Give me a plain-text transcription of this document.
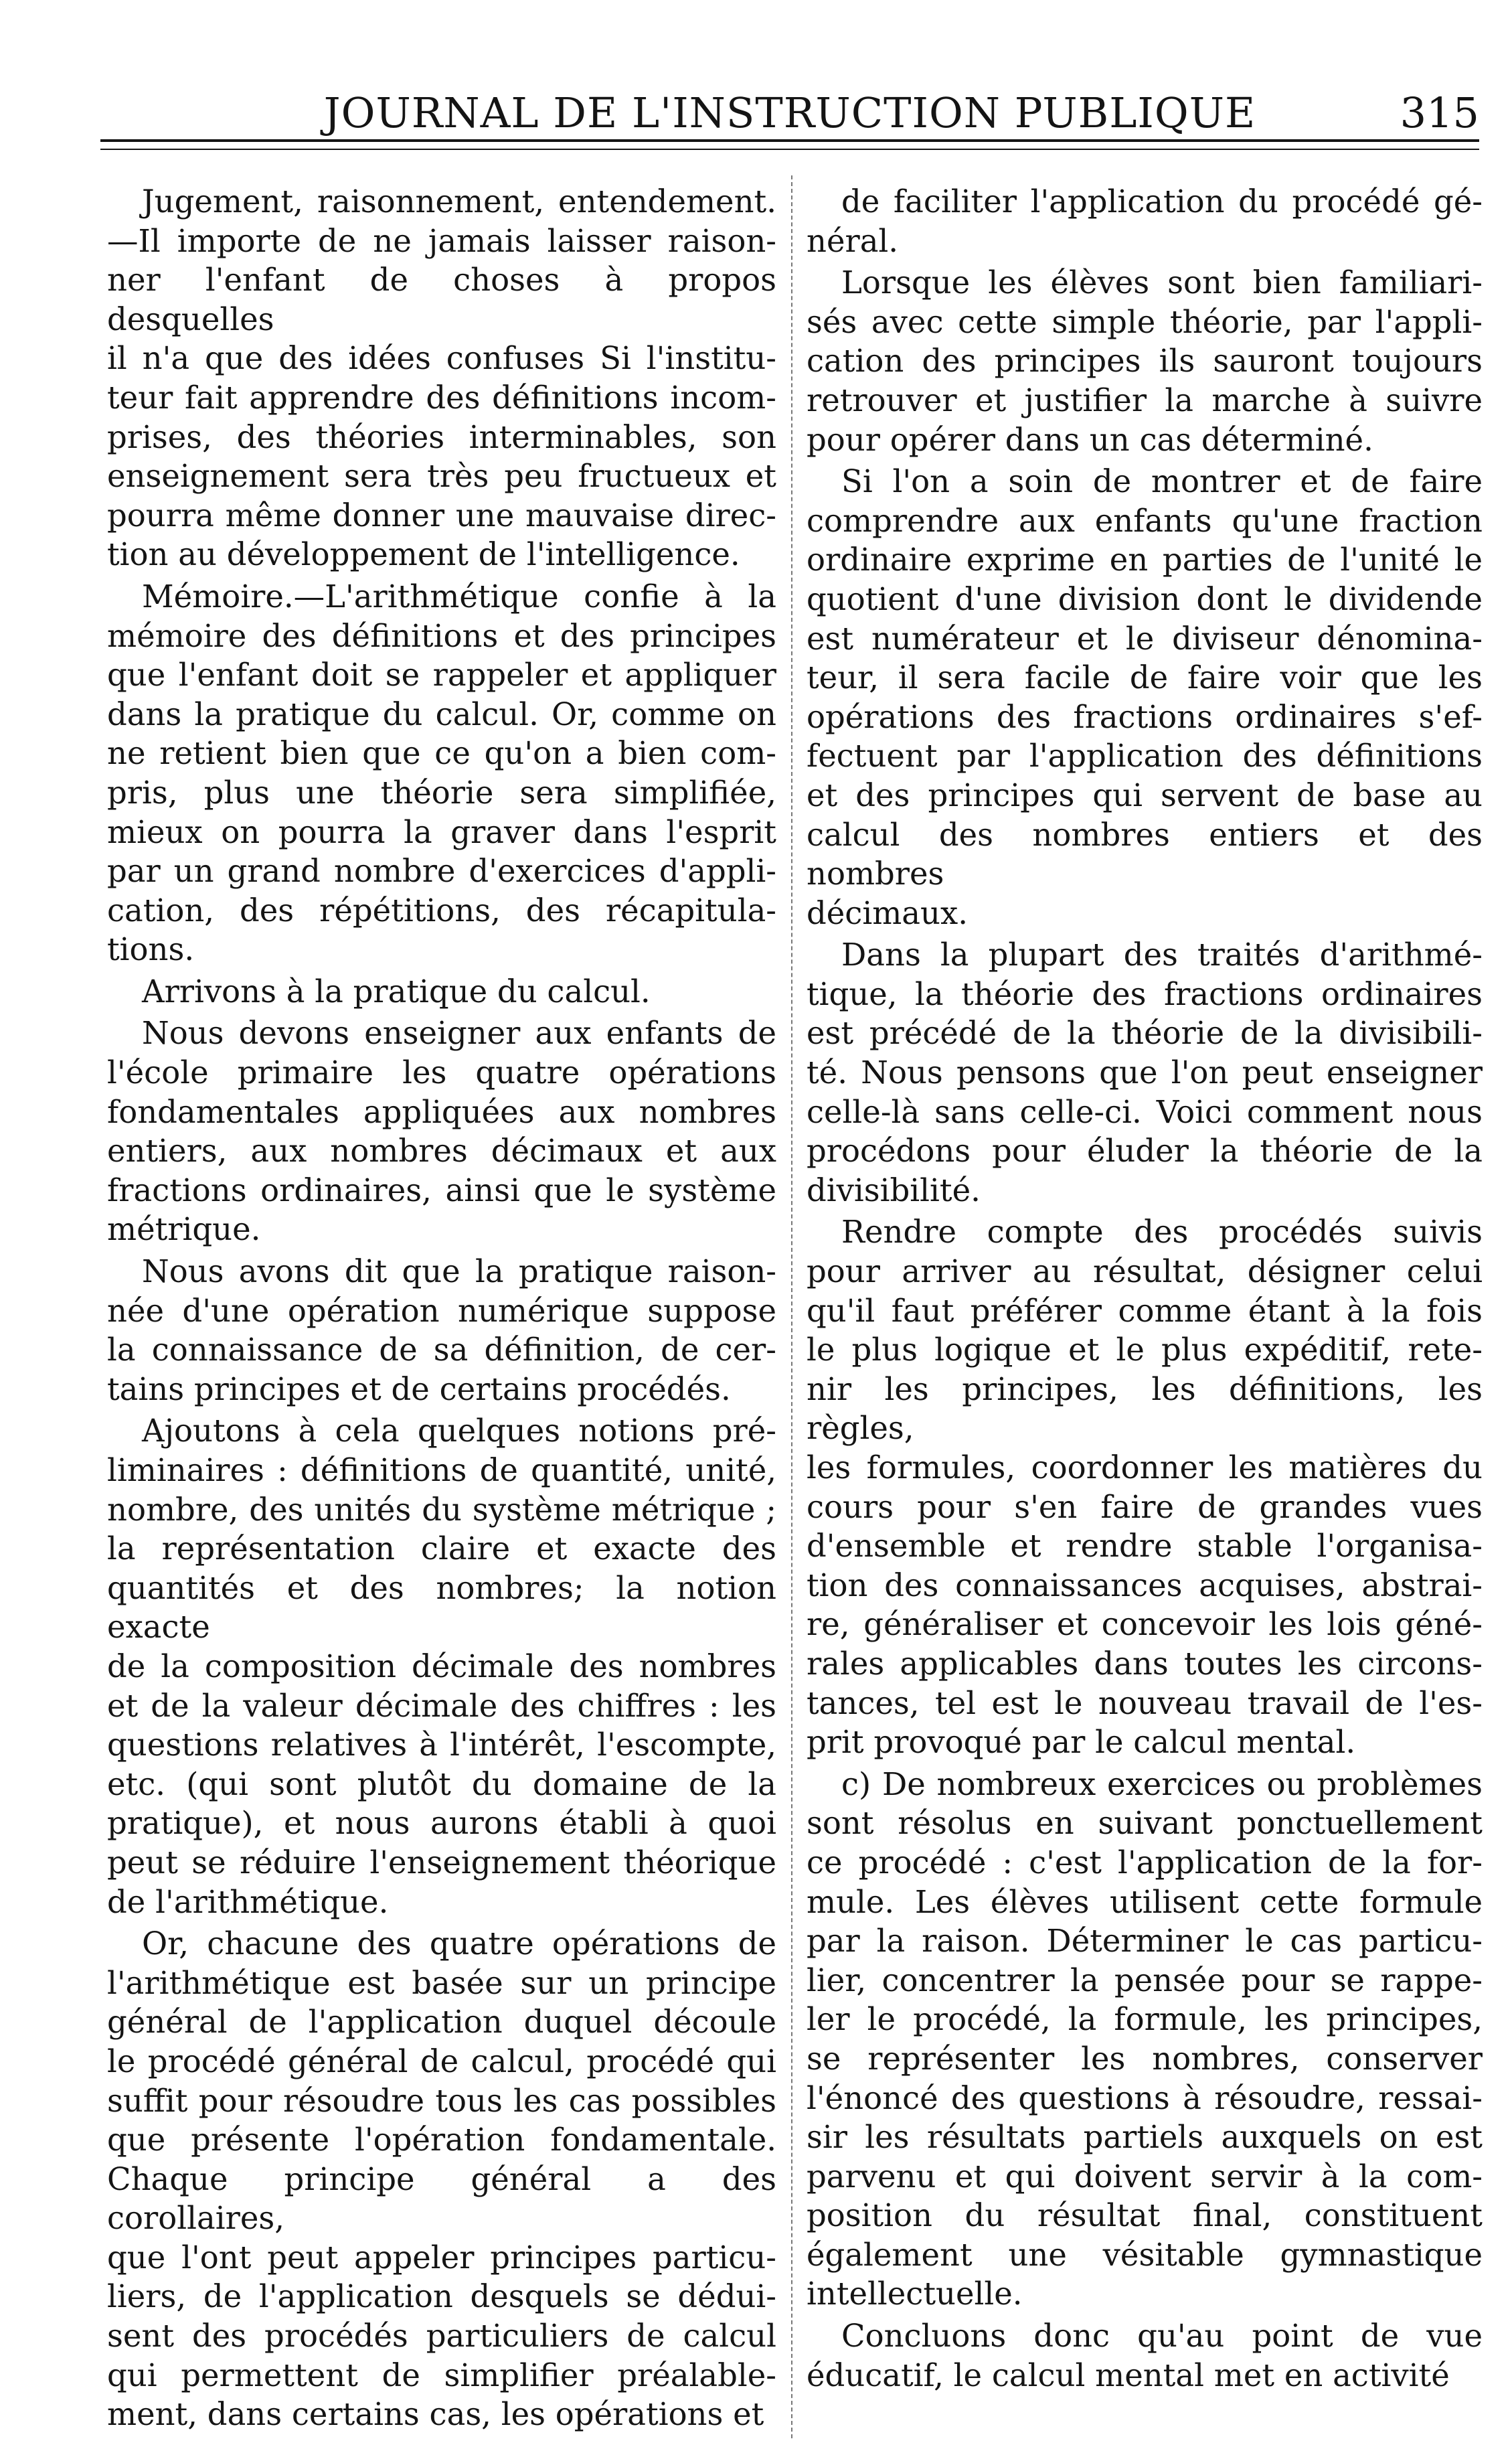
JOURNAL DE L'INSTRUCTION PUBLIQUE	315

Jugement, raisonnement, entendement.
—Il importe de ne jamais laisser raison-
ner l'enfant de choses à propos desquelles
il n'a que des idées confuses Si l'institu-
teur fait apprendre des définitions incom-
prises, des théories interminables, son
enseignement sera très peu fructueux et
pourra même donner une mauvaise direc-
tion au développement de l'intelligence.

Mémoire.—L'arithmétique confie à la
mémoire des définitions et des principes
que l'enfant doit se rappeler et appliquer
dans la pratique du calcul. Or, comme on
ne retient bien que ce qu'on a bien com-
pris, plus une théorie sera simplifiée,
mieux on pourra la graver dans l'esprit
par un grand nombre d'exercices d'appli-
cation, des répétitions, des récapitula-
tions.

Arrivons à la pratique du calcul.

Nous devons enseigner aux enfants de
l'école primaire les quatre opérations
fondamentales appliquées aux nombres
entiers, aux nombres décimaux et aux
fractions ordinaires, ainsi que le système
métrique.

Nous avons dit que la pratique raison-
née d'une opération numérique suppose
la connaissance de sa définition, de cer-
tains principes et de certains procédés.

Ajoutons à cela quelques notions pré-
liminaires : définitions de quantité, unité,
nombre, des unités du système métrique ;
la représentation claire et exacte des
quantités et des nombres; la notion exacte
de la composition décimale des nombres
et de la valeur décimale des chiffres : les
questions relatives à l'intérêt, l'escompte,
etc. (qui sont plutôt du domaine de la
pratique), et nous aurons établi à quoi
peut se réduire l'enseignement théorique
de l'arithmétique.

Or, chacune des quatre opérations de
l'arithmétique est basée sur un principe
général de l'application duquel découle
le procédé général de calcul, procédé qui
suffit pour résoudre tous les cas possibles
que présente l'opération fondamentale.
Chaque principe général a des corollaires,
que l'ont peut appeler principes particu-
liers, de l'application desquels se dédui-
sent des procédés particuliers de calcul
qui permettent de simplifier préalable-
ment, dans certains cas, les opérations et

de faciliter l'application du procédé gé-
néral.

Lorsque les élèves sont bien familiari-
sés avec cette simple théorie, par l'appli-
cation des principes ils sauront toujours
retrouver et justifier la marche à suivre
pour opérer dans un cas déterminé.

Si l'on a soin de montrer et de faire
comprendre aux enfants qu'une fraction
ordinaire exprime en parties de l'unité le
quotient d'une division dont le dividende
est numérateur et le diviseur dénomina-
teur, il sera facile de faire voir que les
opérations des fractions ordinaires s'ef-
fectuent par l'application des définitions
et des principes qui servent de base au
calcul des nombres entiers et des nombres
décimaux.

Dans la plupart des traités d'arithmé-
tique, la théorie des fractions ordinaires
est précédé de la théorie de la divisibili-
té. Nous pensons que l'on peut enseigner
celle-là sans celle-ci. Voici comment nous
procédons pour éluder la théorie de la
divisibilité.

Rendre compte des procédés suivis
pour arriver au résultat, désigner celui
qu'il faut préférer comme étant à la fois
le plus logique et le plus expéditif, rete-
nir les principes, les définitions, les règles,
les formules, coordonner les matières du
cours pour s'en faire de grandes vues
d'ensemble et rendre stable l'organisa-
tion des connaissances acquises, abstrai-
re, généraliser et concevoir les lois géné-
rales applicables dans toutes les circons-
tances, tel est le nouveau travail de l'es-
prit provoqué par le calcul mental.

c) De nombreux exercices ou problèmes
sont résolus en suivant ponctuellement
ce procédé : c'est l'application de la for-
mule. Les élèves utilisent cette formule
par la raison. Déterminer le cas particu-
lier, concentrer la pensée pour se rappe-
ler le procédé, la formule, les principes,
se représenter les nombres, conserver
l'énoncé des questions à résoudre, ressai-
sir les résultats partiels auxquels on est
parvenu et qui doivent servir à la com-
position du résultat final, constituent
également une vésitable gymnastique
intellectuelle.

Concluons donc qu'au point de vue
éducatif, le calcul mental met en activité
